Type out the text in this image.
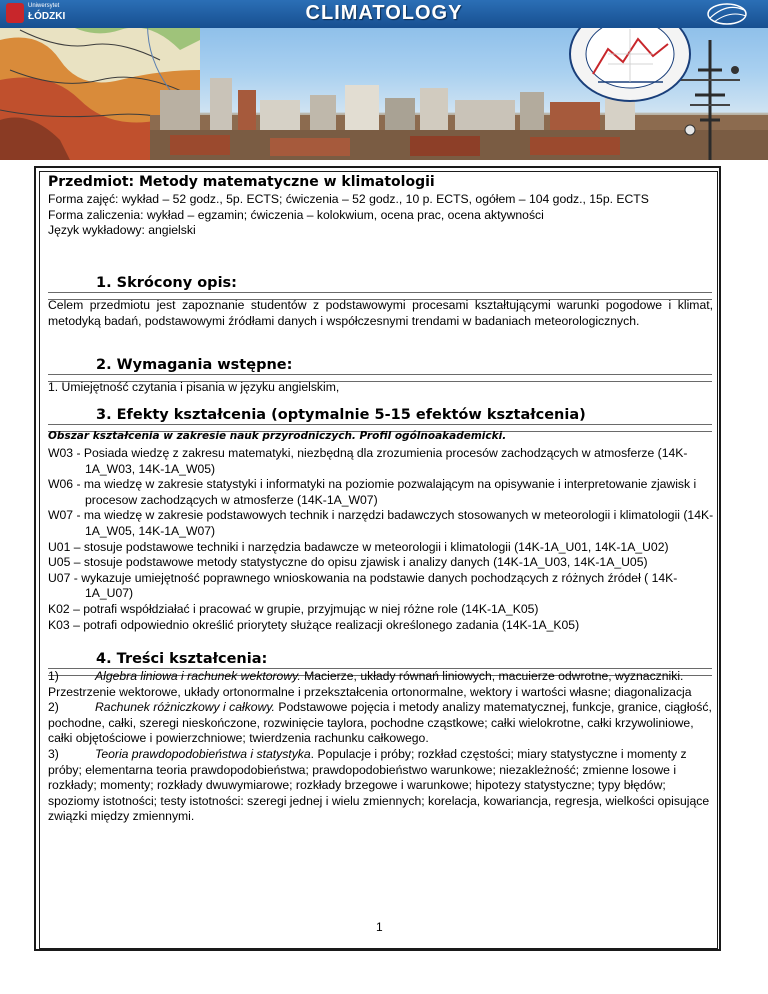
Uniwersytet
ŁÓDZKI	CLIMATOLOGY
Przedmiot: Metody matematyczne w klimatologii
Forma zajęć: wykład – 52 godz., 5p. ECTS; ćwiczenia – 52 godz., 10 p. ECTS, ogółem – 104 godz., 15p. ECTS
Forma zaliczenia: wykład – egzamin; ćwiczenia – kolokwium, ocena prac, ocena aktywności
Język wykładowy: angielski
1. Skrócony opis:
Celem przedmiotu jest zapoznanie studentów z podstawowymi procesami kształtującymi warunki pogodowe i klimat, metodyką badań, podstawowymi źródłami danych i współczesnymi trendami w badaniach meteorologicznych.
2. Wymagania wstępne:
1. Umiejętność czytania i pisania w języku angielskim,
3. Efekty kształcenia (optymalnie 5-15 efektów kształcenia)
Obszar kształcenia w zakresie nauk przyrodniczych. Profil ogólnoakademicki.
W03 - Posiada wiedzę z zakresu matematyki, niezbędną dla zrozumienia procesów zachodzących w atmosferze (14K-1A_W03, 14K-1A_W05)
W06 - ma wiedzę w zakresie statystyki i informatyki na poziomie pozwalającym na opisywanie i interpretowanie zjawisk i procesow zachodzących w atmosferze (14K-1A_W07)
W07 - ma wiedzę w zakresie podstawowych technik i narzędzi badawczych stosowanych w meteorologii i klimatologii (14K-1A_W05, 14K-1A_W07)
U01 – stosuje podstawowe techniki i narzędzia badawcze w meteorologii i klimatologii (14K-1A_U01, 14K-1A_U02)
U05 – stosuje podstawowe metody statystyczne do opisu zjawisk i analizy danych (14K-1A_U03, 14K-1A_U05)
U07 - wykazuje umiejętność poprawnego wnioskowania na podstawie danych pochodzących z różnych źródeł ( 14K-1A_U07)
K02 – potrafi współdziałać i pracować w grupie, przyjmując w niej różne role (14K-1A_K05)
K03 – potrafi odpowiednio określić priorytety służące realizacji określonego zadania (14K-1A_K05)
4. Treści kształcenia:
1)	Algebra liniowa i rachunek wektorowy. Macierze, układy równań liniowych, macuierze odwrotne, wyznaczniki. Przestrzenie wektorowe, układy ortonormalne i przekształcenia ortonormalne, wektory i wartości własne; diagonalizacja
2)	Rachunek różniczkowy i całkowy. Podstawowe pojęcia i metody analizy matematycznej, funkcje, granice, ciągłość, pochodne, całki, szeregi nieskończone, rozwinięcie taylora, pochodne cząstkowe; całki wielokrotne, całki krzywoliniowe, całki objętościowe i powierzchniowe; twierdzenia rachunku całkowego.
3)	Teoria prawdopodobieństwa i statystyka. Populacje i próby; rozkład częstości; miary statystyczne i momenty z próby; elementarna teoria prawdopodobieństwa; prawdopodobieństwo warunkowe; niezakleżność; zmienne losowe i rozkłady; momenty; rozkłady dwuwymiarowe; rozkłady brzegowe i warunkowe; hipotezy statystyczne; typy błędów; spoziomy istotności; testy istotności: szeregi jednej i wielu zmiennych; korelacja, kowariancja, regresja, wielkości opisujące związki między zmiennymi.
1
